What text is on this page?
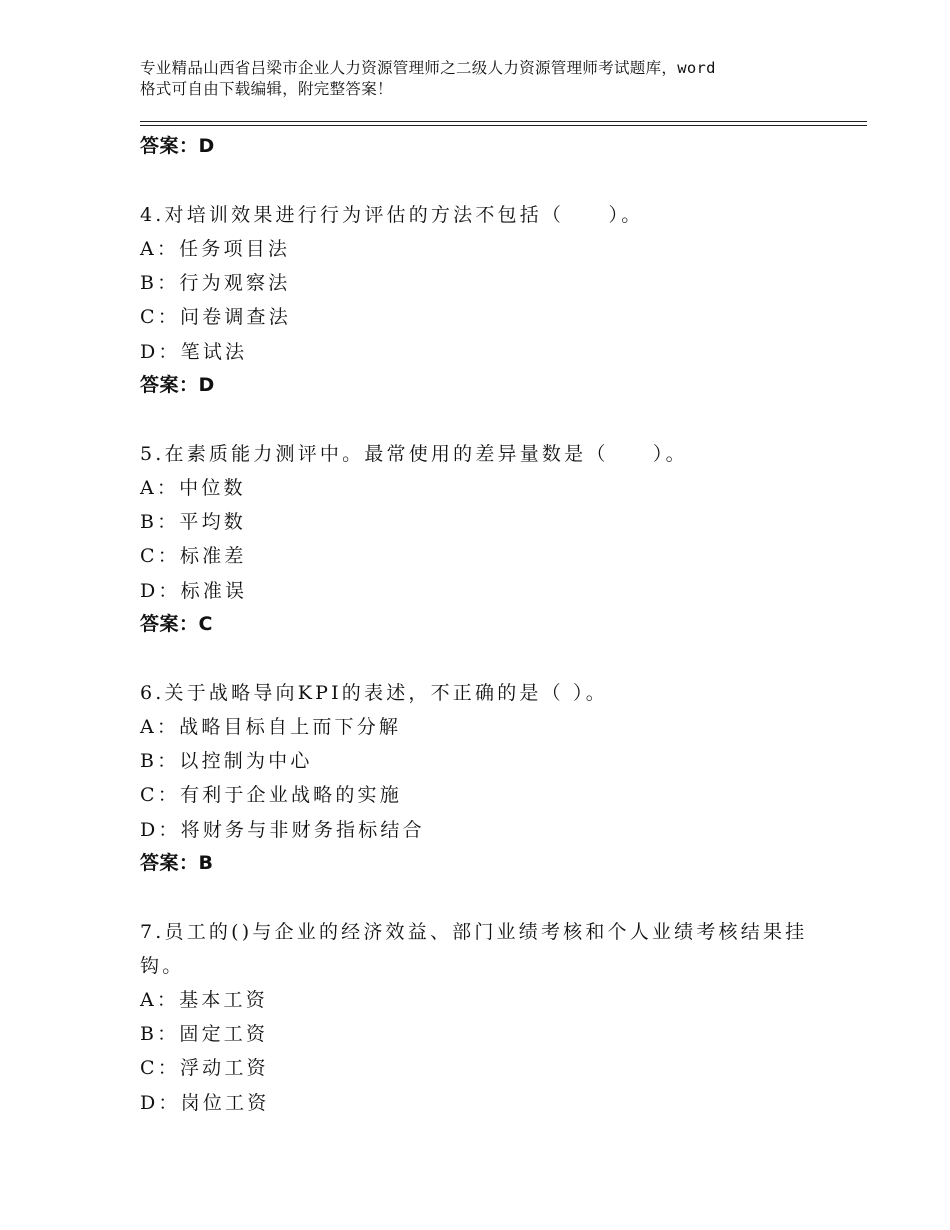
专业精品山西省吕梁市企业人力资源管理师之二级人力资源管理师考试题库，word
格式可自由下载编辑，附完整答案！
答案：D
4.对培训效果进行行为评估的方法不包括（　　）。
A：任务项目法
B：行为观察法
C：问卷调查法
D：笔试法
答案：D
5.在素质能力测评中。最常使用的差异量数是（　　）。
A：中位数
B：平均数
C：标准差
D：标准误
答案：C
6.关于战略导向KPI的表述，不正确的是（ ）。
A：战略目标自上而下分解
B：以控制为中心
C：有利于企业战略的实施
D：将财务与非财务指标结合
答案：B
7.员工的()与企业的经济效益、部门业绩考核和个人业绩考核结果挂
钩。
A：基本工资
B：固定工资
C：浮动工资
D：岗位工资
